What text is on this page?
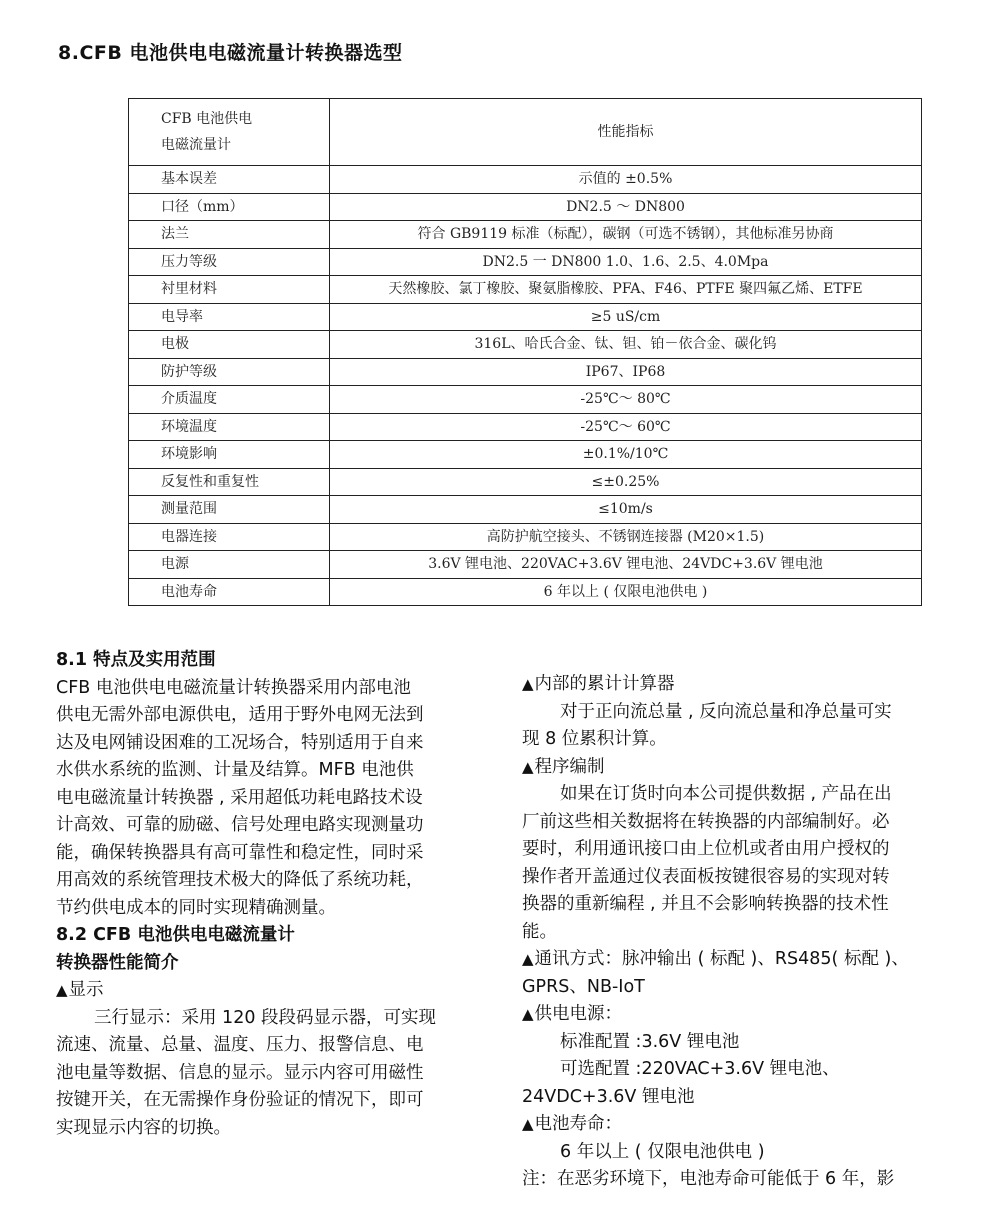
8.CFB 电池供电电磁流量计转换器选型
CFB 电池供电
电磁流量计	性能指标
基本误差	示值的 ±0.5%
口径（mm）	DN2.5 ～ DN800
法兰	符合 GB9119 标准（标配），碳钢（可选不锈钢），其他标准另协商
压力等级	DN2.5 一 DN800 1.0、1.6、2.5、4.0Mpa
衬里材料	天然橡胶、氯丁橡胶、聚氨脂橡胶、PFA、F46、PTFE 聚四氟乙烯、ETFE
电导率	≥5 uS/cm
电极	316L、哈氏合金、钛、钽、铂－依合金、碳化钨
防护等级	IP67、IP68
介质温度	-25℃～ 80℃
环境温度	-25℃～ 60℃
环境影响	±0.1%/10℃
反复性和重复性	≤±0.25%
测量范围	≤10m/s
电器连接	高防护航空接头、不锈钢连接器 (M20×1.5)
电源	3.6V 锂电池、220VAC+3.6V 锂电池、24VDC+3.6V 锂电池
电池寿命	6 年以上 ( 仅限电池供电 )

8.1 特点及实用范围

CFB 电池供电电磁流量计转换器采用内部电池

供电无需外部电源供电，适用于野外电网无法到

达及电网铺设困难的工况场合，特别适用于自来

水供水系统的监测、计量及结算。MFB 电池供

电电磁流量计转换器 , 采用超低功耗电路技术设

计高效、可靠的励磁、信号处理电路实现测量功

能，确保转换器具有高可靠性和稳定性，同时采

用高效的系统管理技术极大的降低了系统功耗，

节约供电成本的同时实现精确测量。

8.2 CFB 电池供电电磁流量计

转换器性能简介

▲显示

三行显示：采用 120 段段码显示器，可实现

流速、流量、总量、温度、压力、报警信息、电

池电量等数据、信息的显示。显示内容可用磁性

按键开关，在无需操作身份验证的情况下，即可

实现显示内容的切换。

▲内部的累计计算器

对于正向流总量 , 反向流总量和净总量可实

现 8 位累积计算。

▲程序编制

如果在订货时向本公司提供数据 , 产品在出

厂前这些相关数据将在转换器的内部编制好。必

要时，利用通讯接口由上位机或者由用户授权的

操作者开盖通过仪表面板按键很容易的实现对转

换器的重新编程 , 并且不会影响转换器的技术性

能。

▲通讯方式：脉冲输出 ( 标配 )、RS485( 标配 )、

GPRS、NB-IoT

▲供电电源：

标准配置 :3.6V 锂电池

可选配置 :220VAC+3.6V 锂电池、

24VDC+3.6V 锂电池

▲电池寿命：

6 年以上 ( 仅限电池供电 )

注：在恶劣环境下，电池寿命可能低于 6 年，影
